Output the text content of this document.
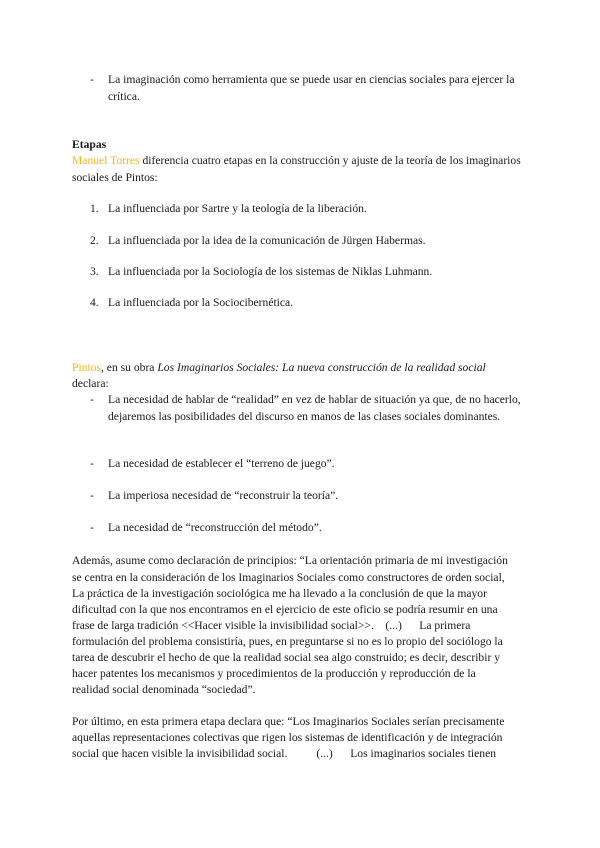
- La imaginación como herramienta que se puede usar en ciencias sociales para ejercer la crítica.
Etapas
Manuel Torres diferencia cuatro etapas en la construcción y ajuste de la teoría de los imaginarios sociales de Pintos:
1. La influenciada por Sartre y la teología de la liberación.
2. La influenciada por la idea de la comunicación de Jürgen Habermas.
3. La influenciada por la Sociología de los sistemas de Niklas Luhmann.
4. La influenciada por la Sociocibernética.
Pintos, en su obra Los Imaginarios Sociales: La nueva construcción de la realidad social
declara:
- La necesidad de hablar de “realidad” en vez de hablar de situación ya que, de no hacerlo, dejaremos las posibilidades del discurso en manos de las clases sociales dominantes.
- La necesidad de establecer el “terreno de juego”.
- La imperiosa necesidad de “reconstruir la teoría”.
- La necesidad de “reconstrucción del método”.
Además, asume como declaración de principios: “La orientación primaria de mi investigación
se centra en la consideración de los Imaginarios Sociales como constructores de orden social,
La práctica de la investigación sociológica me ha llevado a la conclusión de que la mayor
dificultad con la que nos encontramos en el ejercicio de este oficio se podría resumir en una
frase de larga tradición <<Hacer visible la invisibilidad social>>.    (...)      La primera
formulación del problema consistiría, pues, en preguntarse si no es lo propio del sociólogo la
tarea de descubrir el hecho de que la realidad social sea algo construido; es decir, describir y
hacer patentes los mecanismos y procedimientos de la producción y reproducción de la
realidad social denominada “sociedad”.
Por último, en esta primera etapa declara que: “Los Imaginarios Sociales serían precisamente
aquellas representaciones colectivas que rigen los sistemas de identificación y de integración
social que hacen visible la invisibilidad social.          (...)      Los imaginarios sociales tienen
